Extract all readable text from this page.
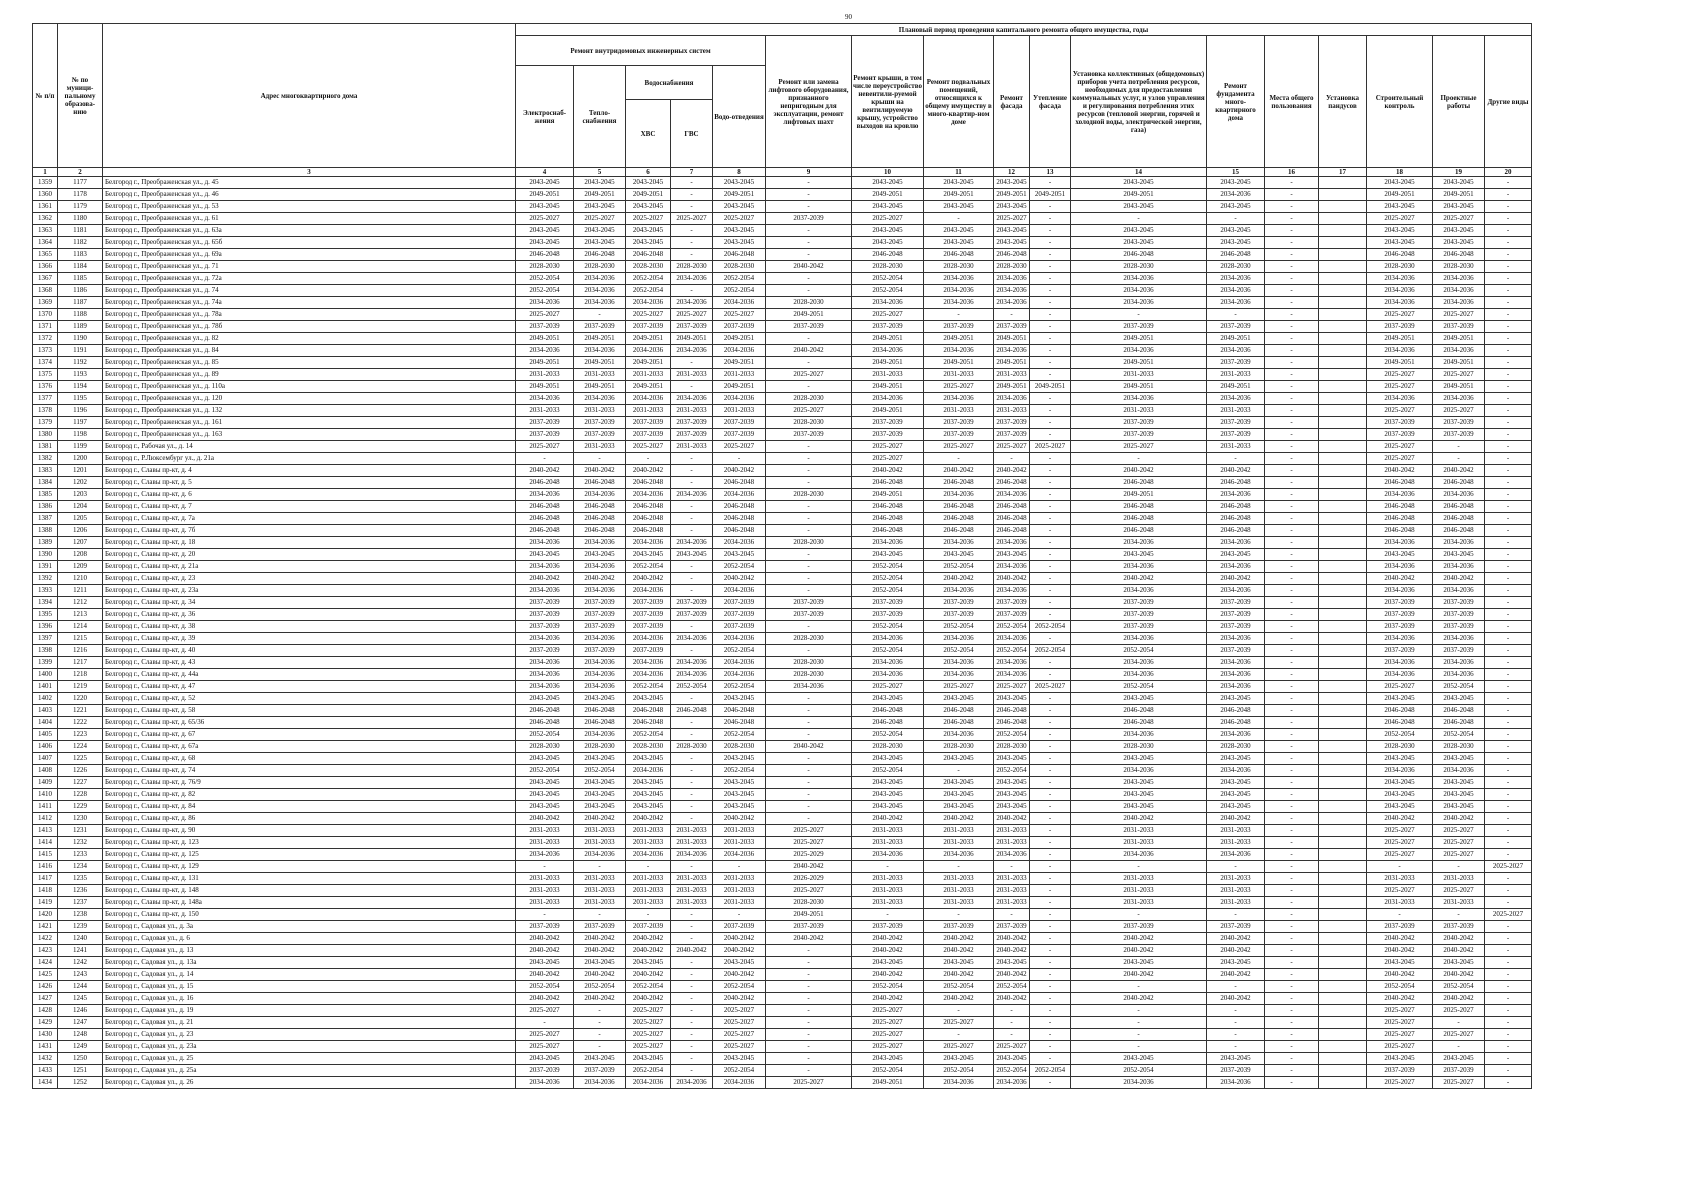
90
№ п/п	№ по муници-пальному образова-нию	Адрес многоквартирного дома	Плановый период проведения капитального ремонта общего имущества, годы																
			Ремонт внутридомовых инженерных систем					Ремонт или замена лифтового оборудования, признанного непригодным для эксплуатации, ремонт лифтовых шахт	Ремонт крыши, в том числе переустройство невентили-руемой крыши на вентилируемую крышу, устройство выходов на кровлю	Ремонт подвальных помещений, относящихся к общему имуществу в много-квартир-ном доме	Ремонт фасада	Утепление фасада	Установка коллективных (общедомовых) приборов учета потребления ресурсов, необходимых для предоставления коммунальных услуг, и узлов управления и регулирования потребления этих ресурсов (тепловой энергии, горячей и холодной воды, электрической энергии, газа)	Ремонт фундамента много-квартирного дома	Места общего пользования	Установка пандусов	Строительный контроль	Проектные работы	Другие виды
			Электроснаб-жения	Тепло-снабжения	Водоснабжения		Водо-отведения												
					ХВС	ГВС													
1	2	3	4	5	6	7	8	9	10	11	12	13	14	15	16	17	18	19	20
1359	1177	Белгород г., Преображенская ул., д. 45	2043-2045	2043-2045	2043-2045	-	2043-2045	-	2043-2045	2043-2045	2043-2045	-	2043-2045	2043-2045	-		2043-2045	2043-2045	-
1360	1178	Белгород г., Преображенская ул., д. 46	2049-2051	2049-2051	2049-2051	-	2049-2051	-	2049-2051	2049-2051	2049-2051	2049-2051	2049-2051	2034-2036	-		2049-2051	2049-2051	-
1361	1179	Белгород г., Преображенская ул., д. 53	2043-2045	2043-2045	2043-2045	-	2043-2045	-	2043-2045	2043-2045	2043-2045	-	2043-2045	2043-2045	-		2043-2045	2043-2045	-
1362	1180	Белгород г., Преображенская ул., д. 61	2025-2027	2025-2027	2025-2027	2025-2027	2025-2027	2037-2039	2025-2027	-	2025-2027	-	-	-	-		2025-2027	2025-2027	-
1363	1181	Белгород г., Преображенская ул., д. 63а	2043-2045	2043-2045	2043-2045	-	2043-2045	-	2043-2045	2043-2045	2043-2045	-	2043-2045	2043-2045	-		2043-2045	2043-2045	-
1364	1182	Белгород г., Преображенская ул., д. 65б	2043-2045	2043-2045	2043-2045	-	2043-2045	-	2043-2045	2043-2045	2043-2045	-	2043-2045	2043-2045	-		2043-2045	2043-2045	-
1365	1183	Белгород г., Преображенская ул., д. 69а	2046-2048	2046-2048	2046-2048	-	2046-2048	-	2046-2048	2046-2048	2046-2048	-	2046-2048	2046-2048	-		2046-2048	2046-2048	-
1366	1184	Белгород г., Преображенская ул., д. 71	2028-2030	2028-2030	2028-2030	2028-2030	2028-2030	2040-2042	2028-2030	2028-2030	2028-2030	-	2028-2030	2028-2030	-		2028-2030	2028-2030	-
1367	1185	Белгород г., Преображенская ул., д. 72а	2052-2054	2034-2036	2052-2054	2034-2036	2052-2054	-	2052-2054	2034-2036	2034-2036	-	2034-2036	2034-2036	-		2034-2036	2034-2036	-
1368	1186	Белгород г., Преображенская ул., д. 74	2052-2054	2034-2036	2052-2054	-	2052-2054	-	2052-2054	2034-2036	2034-2036	-	2034-2036	2034-2036	-		2034-2036	2034-2036	-
1369	1187	Белгород г., Преображенская ул., д. 74а	2034-2036	2034-2036	2034-2036	2034-2036	2034-2036	2028-2030	2034-2036	2034-2036	2034-2036	-	2034-2036	2034-2036	-		2034-2036	2034-2036	-
1370	1188	Белгород г., Преображенская ул., д. 78а	2025-2027	-	2025-2027	2025-2027	2025-2027	2049-2051	2025-2027	-	-	-	-	-	-		2025-2027	2025-2027	-
1371	1189	Белгород г., Преображенская ул., д. 78б	2037-2039	2037-2039	2037-2039	2037-2039	2037-2039	2037-2039	2037-2039	2037-2039	2037-2039	-	2037-2039	2037-2039	-		2037-2039	2037-2039	-
1372	1190	Белгород г., Преображенская ул., д. 82	2049-2051	2049-2051	2049-2051	2049-2051	2049-2051	-	2049-2051	2049-2051	2049-2051	-	2049-2051	2049-2051	-		2049-2051	2049-2051	-
1373	1191	Белгород г., Преображенская ул., д. 84	2034-2036	2034-2036	2034-2036	2034-2036	2034-2036	2040-2042	2034-2036	2034-2036	2034-2036	-	2034-2036	2034-2036	-		2034-2036	2034-2036	-
1374	1192	Белгород г., Преображенская ул., д. 85	2049-2051	2049-2051	2049-2051	-	2049-2051	-	2049-2051	2049-2051	2049-2051	-	2049-2051	2037-2039	-		2049-2051	2049-2051	-
1375	1193	Белгород г., Преображенская ул., д. 89	2031-2033	2031-2033	2031-2033	2031-2033	2031-2033	2025-2027	2031-2033	2031-2033	2031-2033	-	2031-2033	2031-2033	-		2025-2027	2025-2027	-
1376	1194	Белгород г., Преображенская ул., д. 110а	2049-2051	2049-2051	2049-2051	-	2049-2051	-	2049-2051	2025-2027	2049-2051	2049-2051	2049-2051	2049-2051	-		2025-2027	2049-2051	-
1377	1195	Белгород г., Преображенская ул., д. 120	2034-2036	2034-2036	2034-2036	2034-2036	2034-2036	2028-2030	2034-2036	2034-2036	2034-2036	-	2034-2036	2034-2036	-		2034-2036	2034-2036	-
1378	1196	Белгород г., Преображенская ул., д. 132	2031-2033	2031-2033	2031-2033	2031-2033	2031-2033	2025-2027	2049-2051	2031-2033	2031-2033	-	2031-2033	2031-2033	-		2025-2027	2025-2027	-
1379	1197	Белгород г., Преображенская ул., д. 161	2037-2039	2037-2039	2037-2039	2037-2039	2037-2039	2028-2030	2037-2039	2037-2039	2037-2039	-	2037-2039	2037-2039	-		2037-2039	2037-2039	-
1380	1198	Белгород г., Преображенская ул., д. 163	2037-2039	2037-2039	2037-2039	2037-2039	2037-2039	2037-2039	2037-2039	2037-2039	2037-2039	-	2037-2039	2037-2039	-		2037-2039	2037-2039	-
1381	1199	Белгород г., Рабочая ул., д. 14	2025-2027	2031-2033	2025-2027	2031-2033	2025-2027	-	2025-2027	2025-2027	2025-2027	2025-2027	2025-2027	2031-2033	-		2025-2027	-	-
1382	1200	Белгород г., Р.Люксембург ул., д. 21а	-	-	-	-	-	-	2025-2027	-	-	-	-	-	-		2025-2027	-	-
1383	1201	Белгород г., Славы пр-кт, д. 4	2040-2042	2040-2042	2040-2042	-	2040-2042	-	2040-2042	2040-2042	2040-2042	-	2040-2042	2040-2042	-		2040-2042	2040-2042	-
1384	1202	Белгород г., Славы пр-кт, д. 5	2046-2048	2046-2048	2046-2048	-	2046-2048	-	2046-2048	2046-2048	2046-2048	-	2046-2048	2046-2048	-		2046-2048	2046-2048	-
1385	1203	Белгород г., Славы пр-кт, д. 6	2034-2036	2034-2036	2034-2036	2034-2036	2034-2036	2028-2030	2049-2051	2034-2036	2034-2036	-	2049-2051	2034-2036	-		2034-2036	2034-2036	-
1386	1204	Белгород г., Славы пр-кт, д. 7	2046-2048	2046-2048	2046-2048	-	2046-2048	-	2046-2048	2046-2048	2046-2048	-	2046-2048	2046-2048	-		2046-2048	2046-2048	-
1387	1205	Белгород г., Славы пр-кт, д. 7а	2046-2048	2046-2048	2046-2048	-	2046-2048	-	2046-2048	2046-2048	2046-2048	-	2046-2048	2046-2048	-		2046-2048	2046-2048	-
1388	1206	Белгород г., Славы пр-кт, д. 7б	2046-2048	2046-2048	2046-2048	-	2046-2048	-	2046-2048	2046-2048	2046-2048	-	2046-2048	2046-2048	-		2046-2048	2046-2048	-
1389	1207	Белгород г., Славы пр-кт, д. 18	2034-2036	2034-2036	2034-2036	2034-2036	2034-2036	2028-2030	2034-2036	2034-2036	2034-2036	-	2034-2036	2034-2036	-		2034-2036	2034-2036	-
1390	1208	Белгород г., Славы пр-кт, д. 20	2043-2045	2043-2045	2043-2045	2043-2045	2043-2045	-	2043-2045	2043-2045	2043-2045	-	2043-2045	2043-2045	-		2043-2045	2043-2045	-
1391	1209	Белгород г., Славы пр-кт, д. 21а	2034-2036	2034-2036	2052-2054	-	2052-2054	-	2052-2054	2052-2054	2034-2036	-	2034-2036	2034-2036	-		2034-2036	2034-2036	-
1392	1210	Белгород г., Славы пр-кт, д. 23	2040-2042	2040-2042	2040-2042	-	2040-2042	-	2052-2054	2040-2042	2040-2042	-	2040-2042	2040-2042	-		2040-2042	2040-2042	-
1393	1211	Белгород г., Славы пр-кт, д. 23а	2034-2036	2034-2036	2034-2036	-	2034-2036	-	2052-2054	2034-2036	2034-2036	-	2034-2036	2034-2036	-		2034-2036	2034-2036	-
1394	1212	Белгород г., Славы пр-кт, д. 34	2037-2039	2037-2039	2037-2039	2037-2039	2037-2039	2037-2039	2037-2039	2037-2039	2037-2039	-	2037-2039	2037-2039	-		2037-2039	2037-2039	-
1395	1213	Белгород г., Славы пр-кт, д. 36	2037-2039	2037-2039	2037-2039	2037-2039	2037-2039	2037-2039	2037-2039	2037-2039	2037-2039	-	2037-2039	2037-2039	-		2037-2039	2037-2039	-
1396	1214	Белгород г., Славы пр-кт, д. 38	2037-2039	2037-2039	2037-2039	-	2037-2039	-	2052-2054	2052-2054	2052-2054	2052-2054	2037-2039	2037-2039	-		2037-2039	2037-2039	-
1397	1215	Белгород г., Славы пр-кт, д. 39	2034-2036	2034-2036	2034-2036	2034-2036	2034-2036	2028-2030	2034-2036	2034-2036	2034-2036	-	2034-2036	2034-2036	-		2034-2036	2034-2036	-
1398	1216	Белгород г., Славы пр-кт, д. 40	2037-2039	2037-2039	2037-2039	-	2052-2054	-	2052-2054	2052-2054	2052-2054	2052-2054	2052-2054	2037-2039	-		2037-2039	2037-2039	-
1399	1217	Белгород г., Славы пр-кт, д. 43	2034-2036	2034-2036	2034-2036	2034-2036	2034-2036	2028-2030	2034-2036	2034-2036	2034-2036	-	2034-2036	2034-2036	-		2034-2036	2034-2036	-
1400	1218	Белгород г., Славы пр-кт, д. 44а	2034-2036	2034-2036	2034-2036	2034-2036	2034-2036	2028-2030	2034-2036	2034-2036	2034-2036	-	2034-2036	2034-2036	-		2034-2036	2034-2036	-
1401	1219	Белгород г., Славы пр-кт, д. 47	2034-2036	2034-2036	2052-2054	2052-2054	2052-2054	2034-2036	2025-2027	2025-2027	2025-2027	2025-2027	2052-2054	2034-2036	-		2025-2027	2052-2054	-
1402	1220	Белгород г., Славы пр-кт, д. 52	2043-2045	2043-2045	2043-2045	-	2043-2045	-	2043-2045	2043-2045	2043-2045	-	2043-2045	2043-2045	-		2043-2045	2043-2045	-
1403	1221	Белгород г., Славы пр-кт, д. 58	2046-2048	2046-2048	2046-2048	2046-2048	2046-2048	-	2046-2048	2046-2048	2046-2048	-	2046-2048	2046-2048	-		2046-2048	2046-2048	-
1404	1222	Белгород г., Славы пр-кт, д. 65/36	2046-2048	2046-2048	2046-2048	-	2046-2048	-	2046-2048	2046-2048	2046-2048	-	2046-2048	2046-2048	-		2046-2048	2046-2048	-
1405	1223	Белгород г., Славы пр-кт, д. 67	2052-2054	2034-2036	2052-2054	-	2052-2054	-	2052-2054	2034-2036	2052-2054	-	2034-2036	2034-2036	-		2052-2054	2052-2054	-
1406	1224	Белгород г., Славы пр-кт, д. 67а	2028-2030	2028-2030	2028-2030	2028-2030	2028-2030	2040-2042	2028-2030	2028-2030	2028-2030	-	2028-2030	2028-2030	-		2028-2030	2028-2030	-
1407	1225	Белгород г., Славы пр-кт, д. 68	2043-2045	2043-2045	2043-2045	-	2043-2045	-	2043-2045	2043-2045	2043-2045	-	2043-2045	2043-2045	-		2043-2045	2043-2045	-
1408	1226	Белгород г., Славы пр-кт, д. 74	2052-2054	2052-2054	2034-2036	-	2052-2054	-	2052-2054	-	2052-2054	-	2034-2036	2034-2036	-		2034-2036	2034-2036	-
1409	1227	Белгород г., Славы пр-кт, д. 76/9	2043-2045	2043-2045	2043-2045	-	2043-2045	-	2043-2045	2043-2045	2043-2045	-	2043-2045	2043-2045	-		2043-2045	2043-2045	-
1410	1228	Белгород г., Славы пр-кт, д. 82	2043-2045	2043-2045	2043-2045	-	2043-2045	-	2043-2045	2043-2045	2043-2045	-	2043-2045	2043-2045	-		2043-2045	2043-2045	-
1411	1229	Белгород г., Славы пр-кт, д. 84	2043-2045	2043-2045	2043-2045	-	2043-2045	-	2043-2045	2043-2045	2043-2045	-	2043-2045	2043-2045	-		2043-2045	2043-2045	-
1412	1230	Белгород г., Славы пр-кт, д. 86	2040-2042	2040-2042	2040-2042	-	2040-2042	-	2040-2042	2040-2042	2040-2042	-	2040-2042	2040-2042	-		2040-2042	2040-2042	-
1413	1231	Белгород г., Славы пр-кт, д. 90	2031-2033	2031-2033	2031-2033	2031-2033	2031-2033	2025-2027	2031-2033	2031-2033	2031-2033	-	2031-2033	2031-2033	-		2025-2027	2025-2027	-
1414	1232	Белгород г., Славы пр-кт, д. 123	2031-2033	2031-2033	2031-2033	2031-2033	2031-2033	2025-2027	2031-2033	2031-2033	2031-2033	-	2031-2033	2031-2033	-		2025-2027	2025-2027	-
1415	1233	Белгород г., Славы пр-кт, д. 125	2034-2036	2034-2036	2034-2036	2034-2036	2034-2036	2025-2029	2034-2036	2034-2036	2034-2036	-	2034-2036	2034-2036	-		2025-2027	2025-2027	-
1416	1234	Белгород г., Славы пр-кт, д. 129	-	-	-	-	-	2040-2042	-	-	-	-	-	-	-		-	-	2025-2027
1417	1235	Белгород г., Славы пр-кт, д. 131	2031-2033	2031-2033	2031-2033	2031-2033	2031-2033	2026-2029	2031-2033	2031-2033	2031-2033	-	2031-2033	2031-2033	-		2031-2033	2031-2033	-
1418	1236	Белгород г., Славы пр-кт, д. 148	2031-2033	2031-2033	2031-2033	2031-2033	2031-2033	2025-2027	2031-2033	2031-2033	2031-2033	-	2031-2033	2031-2033	-		2025-2027	2025-2027	-
1419	1237	Белгород г., Славы пр-кт, д. 148а	2031-2033	2031-2033	2031-2033	2031-2033	2031-2033	2028-2030	2031-2033	2031-2033	2031-2033	-	2031-2033	2031-2033	-		2031-2033	2031-2033	-
1420	1238	Белгород г., Славы пр-кт, д. 150	-	-	-	-	-	2049-2051	-	-	-	-	-	-	-		-	-	2025-2027
1421	1239	Белгород г., Садовая ул., д. 3а	2037-2039	2037-2039	2037-2039	-	2037-2039	2037-2039	2037-2039	2037-2039	2037-2039	-	2037-2039	2037-2039	-		2037-2039	2037-2039	-
1422	1240	Белгород г., Садовая ул., д. 6	2040-2042	2040-2042	2040-2042	-	2040-2042	2040-2042	2040-2042	2040-2042	2040-2042	-	2040-2042	2040-2042	-		2040-2042	2040-2042	-
1423	1241	Белгород г., Садовая ул., д. 13	2040-2042	2040-2042	2040-2042	2040-2042	2040-2042	-	2040-2042	2040-2042	2040-2042	-	2040-2042	2040-2042	-		2040-2042	2040-2042	-
1424	1242	Белгород г., Садовая ул., д. 13а	2043-2045	2043-2045	2043-2045	-	2043-2045	-	2043-2045	2043-2045	2043-2045	-	2043-2045	2043-2045	-		2043-2045	2043-2045	-
1425	1243	Белгород г., Садовая ул., д. 14	2040-2042	2040-2042	2040-2042	-	2040-2042	-	2040-2042	2040-2042	2040-2042	-	2040-2042	2040-2042	-		2040-2042	2040-2042	-
1426	1244	Белгород г., Садовая ул., д. 15	2052-2054	2052-2054	2052-2054	-	2052-2054	-	2052-2054	2052-2054	2052-2054	-	-	-	-		2052-2054	2052-2054	-
1427	1245	Белгород г., Садовая ул., д. 16	2040-2042	2040-2042	2040-2042	-	2040-2042	-	2040-2042	2040-2042	2040-2042	-	2040-2042	2040-2042	-		2040-2042	2040-2042	-
1428	1246	Белгород г., Садовая ул., д. 19	2025-2027	-	2025-2027	-	2025-2027	-	2025-2027	-	-	-	-	-	-		2025-2027	2025-2027	-
1429	1247	Белгород г., Садовая ул., д. 21	-	-	2025-2027	-	2025-2027	-	2025-2027	2025-2027	-	-	-	-	-		2025-2027	-	-
1430	1248	Белгород г., Садовая ул., д. 23	2025-2027	-	2025-2027	-	2025-2027	-	2025-2027	-	-	-	-	-	-		2025-2027	2025-2027	-
1431	1249	Белгород г., Садовая ул., д. 23а	2025-2027	-	2025-2027	-	2025-2027	-	2025-2027	2025-2027	2025-2027	-	-	-	-		2025-2027	-	-
1432	1250	Белгород г., Садовая ул., д. 25	2043-2045	2043-2045	2043-2045	-	2043-2045	-	2043-2045	2043-2045	2043-2045	-	2043-2045	2043-2045	-		2043-2045	2043-2045	-
1433	1251	Белгород г., Садовая ул., д. 25а	2037-2039	2037-2039	2052-2054	-	2052-2054	-	2052-2054	2052-2054	2052-2054	2052-2054	2052-2054	2037-2039	-		2037-2039	2037-2039	-
1434	1252	Белгород г., Садовая ул., д. 26	2034-2036	2034-2036	2034-2036	2034-2036	2034-2036	2025-2027	2049-2051	2034-2036	2034-2036	-	2034-2036	2034-2036	-		2025-2027	2025-2027	-
